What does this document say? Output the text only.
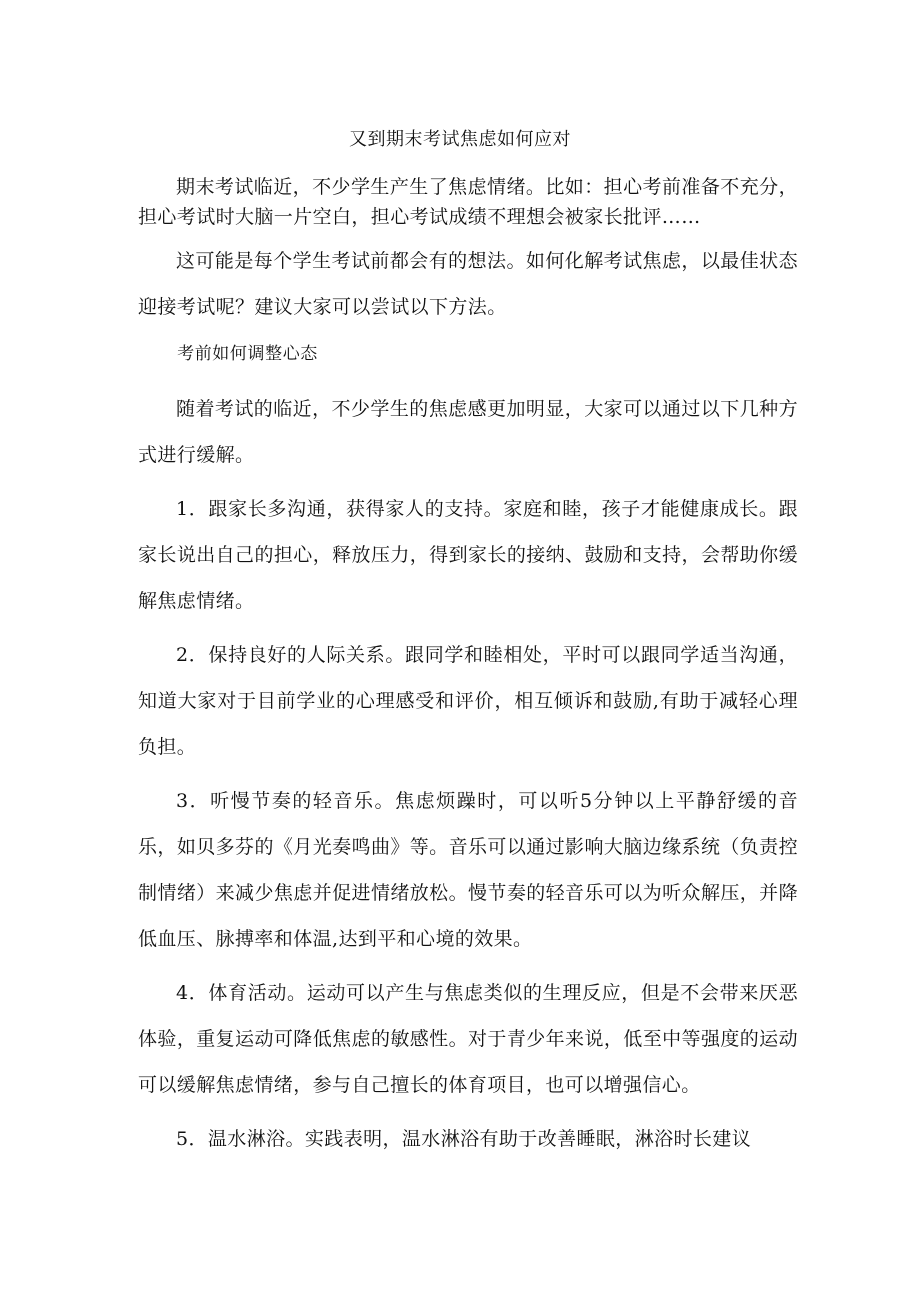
又到期末考试焦虑如何应对

期末考试临近，不少学生产生了焦虑情绪。比如：担心考前准备不充分，担心考试时大脑一片空白，担心考试成绩不理想会被家长批评……

这可能是每个学生考试前都会有的想法。如何化解考试焦虑，以最佳状态迎接考试呢？建议大家可以尝试以下方法。

考前如何调整心态

随着考试的临近，不少学生的焦虑感更加明显，大家可以通过以下几种方式进行缓解。

1．跟家长多沟通，获得家人的支持。家庭和睦，孩子才能健康成长。跟家长说出自己的担心，释放压力，得到家长的接纳、鼓励和支持，会帮助你缓解焦虑情绪。

2．保持良好的人际关系。跟同学和睦相处，平时可以跟同学适当沟通，知道大家对于目前学业的心理感受和评价，相互倾诉和鼓励,有助于减轻心理负担。

3．听慢节奏的轻音乐。焦虑烦躁时，可以听5分钟以上平静舒缓的音乐，如贝多芬的《月光奏鸣曲》等。音乐可以通过影响大脑边缘系统（负责控制情绪）来减少焦虑并促进情绪放松。慢节奏的轻音乐可以为听众解压，并降低血压、脉搏率和体温,达到平和心境的效果。

4．体育活动。运动可以产生与焦虑类似的生理反应，但是不会带来厌恶体验，重复运动可降低焦虑的敏感性。对于青少年来说，低至中等强度的运动可以缓解焦虑情绪，参与自己擅长的体育项目，也可以增强信心。

5．温水淋浴。实践表明，温水淋浴有助于改善睡眠，淋浴时长建议
